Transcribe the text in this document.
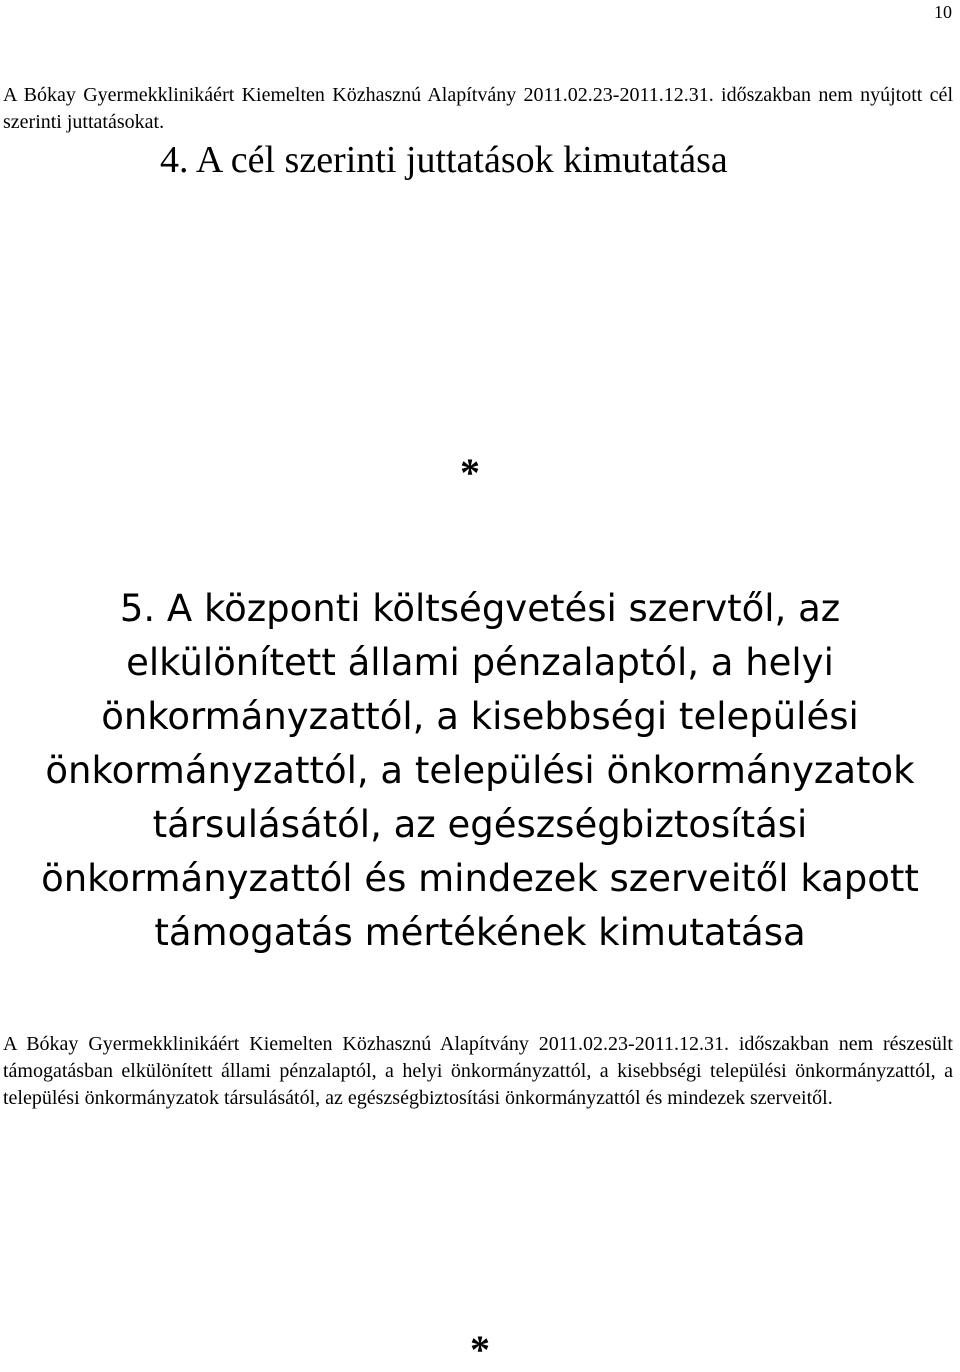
10
4. A cél szerinti juttatások kimutatása
A Bókay Gyermekklinikáért Kiemelten Közhasznú Alapítvány 2011.02.23-2011.12.31. időszakban nem nyújtott cél szerinti juttatásokat.
*
5. A központi költségvetési szervtől, az elkülönített állami pénzalaptól, a helyi önkormányzattól, a kisebbségi települési önkormányzattól, a települési önkormányzatok társulásától, az egészségbiztosítási önkormányzattól és mindezek szerveitől kapott támogatás mértékének kimutatása
A Bókay Gyermekklinikáért Kiemelten Közhasznú Alapítvány 2011.02.23-2011.12.31. időszakban nem részesült támogatásban elkülönített állami pénzalaptól, a helyi önkormányzattól, a kisebbségi települési önkormányzattól, a települési önkormányzatok társulásától, az egészségbiztosítási önkormányzattól és mindezek szerveitől.
*
